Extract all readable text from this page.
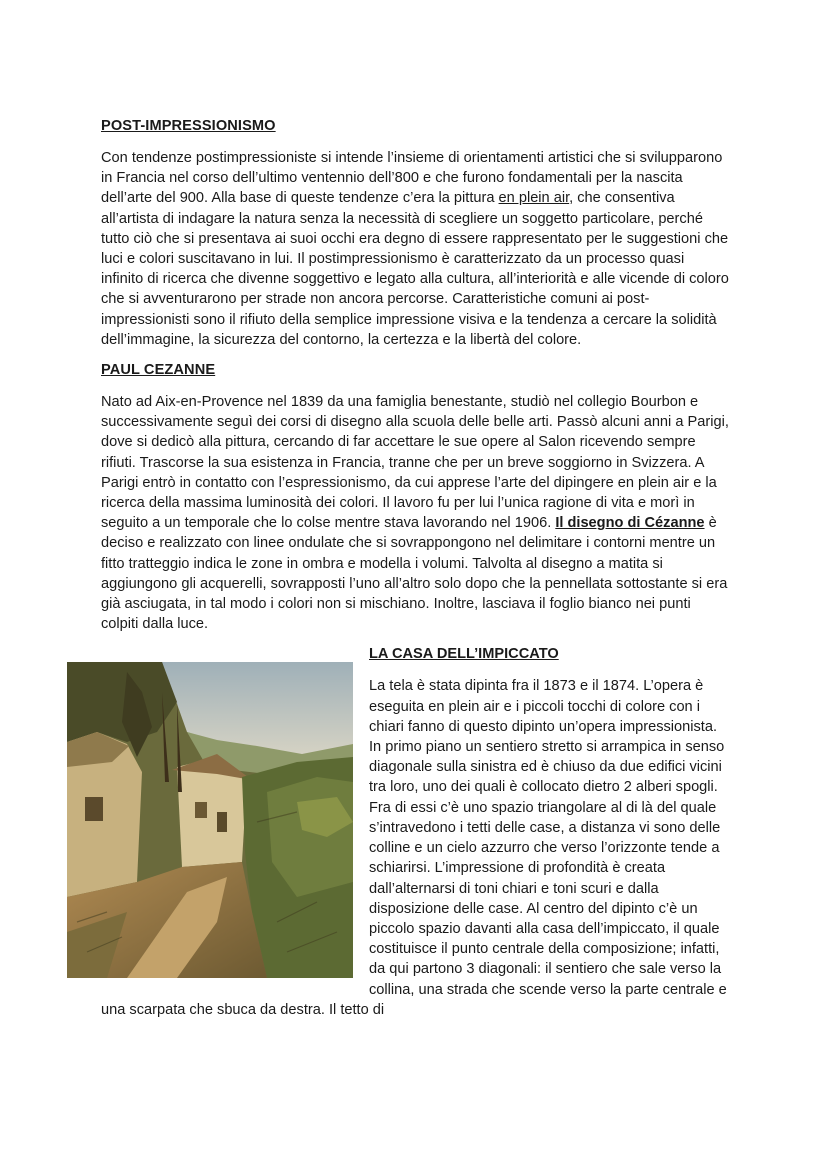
POST-IMPRESSIONISMO

Con tendenze postimpressioniste si intende l’insieme di orientamenti artistici che si svilupparono in Francia nel corso dell’ultimo ventennio dell’800 e che furono fondamentali per la nascita dell’arte del 900. Alla base di queste tendenze c’era la pittura en plein air, che consentiva all’artista di indagare la natura senza la necessità di scegliere un soggetto particolare, perché tutto ciò che si presentava ai suoi occhi era degno di essere rappresentato per le suggestioni che luci e colori suscitavano in lui. Il postimpressionismo è caratterizzato da un processo quasi infinito di ricerca che divenne soggettivo e legato alla cultura, all’interiorità e alle vicende di coloro che si avventurarono per strade non ancora percorse. Caratteristiche comuni ai post-impressionisti sono il rifiuto della semplice impressione visiva e la tendenza a cercare la solidità dell’immagine, la sicurezza del contorno, la certezza e la libertà del colore.

PAUL CEZANNE

Nato ad Aix-en-Provence nel 1839 da una famiglia benestante, studiò nel collegio Bourbon e successivamente seguì dei corsi di disegno alla scuola delle belle arti. Passò alcuni anni a Parigi, dove si dedicò alla pittura, cercando di far accettare le sue opere al Salon ricevendo sempre rifiuti. Trascorse la sua esistenza in Francia, tranne che per un breve soggiorno in Svizzera. A Parigi entrò in contatto con l’espressionismo, da cui apprese l’arte del dipingere en plein air e la ricerca della massima luminosità dei colori. Il lavoro fu per lui l’unica ragione di vita e morì in seguito a un temporale che lo colse mentre stava lavorando nel 1906. Il disegno di Cézanne è deciso e realizzato con linee ondulate che si sovrappongono nel delimitare i contorni mentre un fitto tratteggio indica le zone in ombra e modella i volumi. Talvolta al disegno a matita si aggiungono gli acquerelli, sovrapposti l’uno all’altro solo dopo che la pennellata sottostante si era già asciugata, in tal modo i colori non si mischiano. Inoltre, lasciava il foglio bianco nei punti colpiti dalla luce.

LA CASA DELL’IMPICCATO

La tela è stata dipinta fra il 1873 e il 1874. L’opera è eseguita en plein air e i piccoli tocchi di colore con i chiari fanno di questo dipinto un’opera impressionista. In primo piano un sentiero stretto si arrampica in senso diagonale sulla sinistra ed è chiuso da due edifici vicini tra loro, uno dei quali è collocato dietro 2 alberi spogli. Fra di essi c’è uno spazio triangolare al di là del quale s’intravedono i tetti delle case, a distanza vi sono delle colline e un cielo azzurro che verso l’orizzonte tende a schiarirsi. L’impressione di profondità è creata dall’alternarsi di toni chiari e toni scuri e dalla disposizione delle case. Al centro del dipinto c’è un piccolo spazio davanti alla casa dell’impiccato, il quale costituisce il punto centrale della composizione; infatti, da qui partono 3 diagonali: il sentiero che sale verso la collina, una strada che scende verso la parte centrale e una scarpata che sbuca da destra. Il tetto di
